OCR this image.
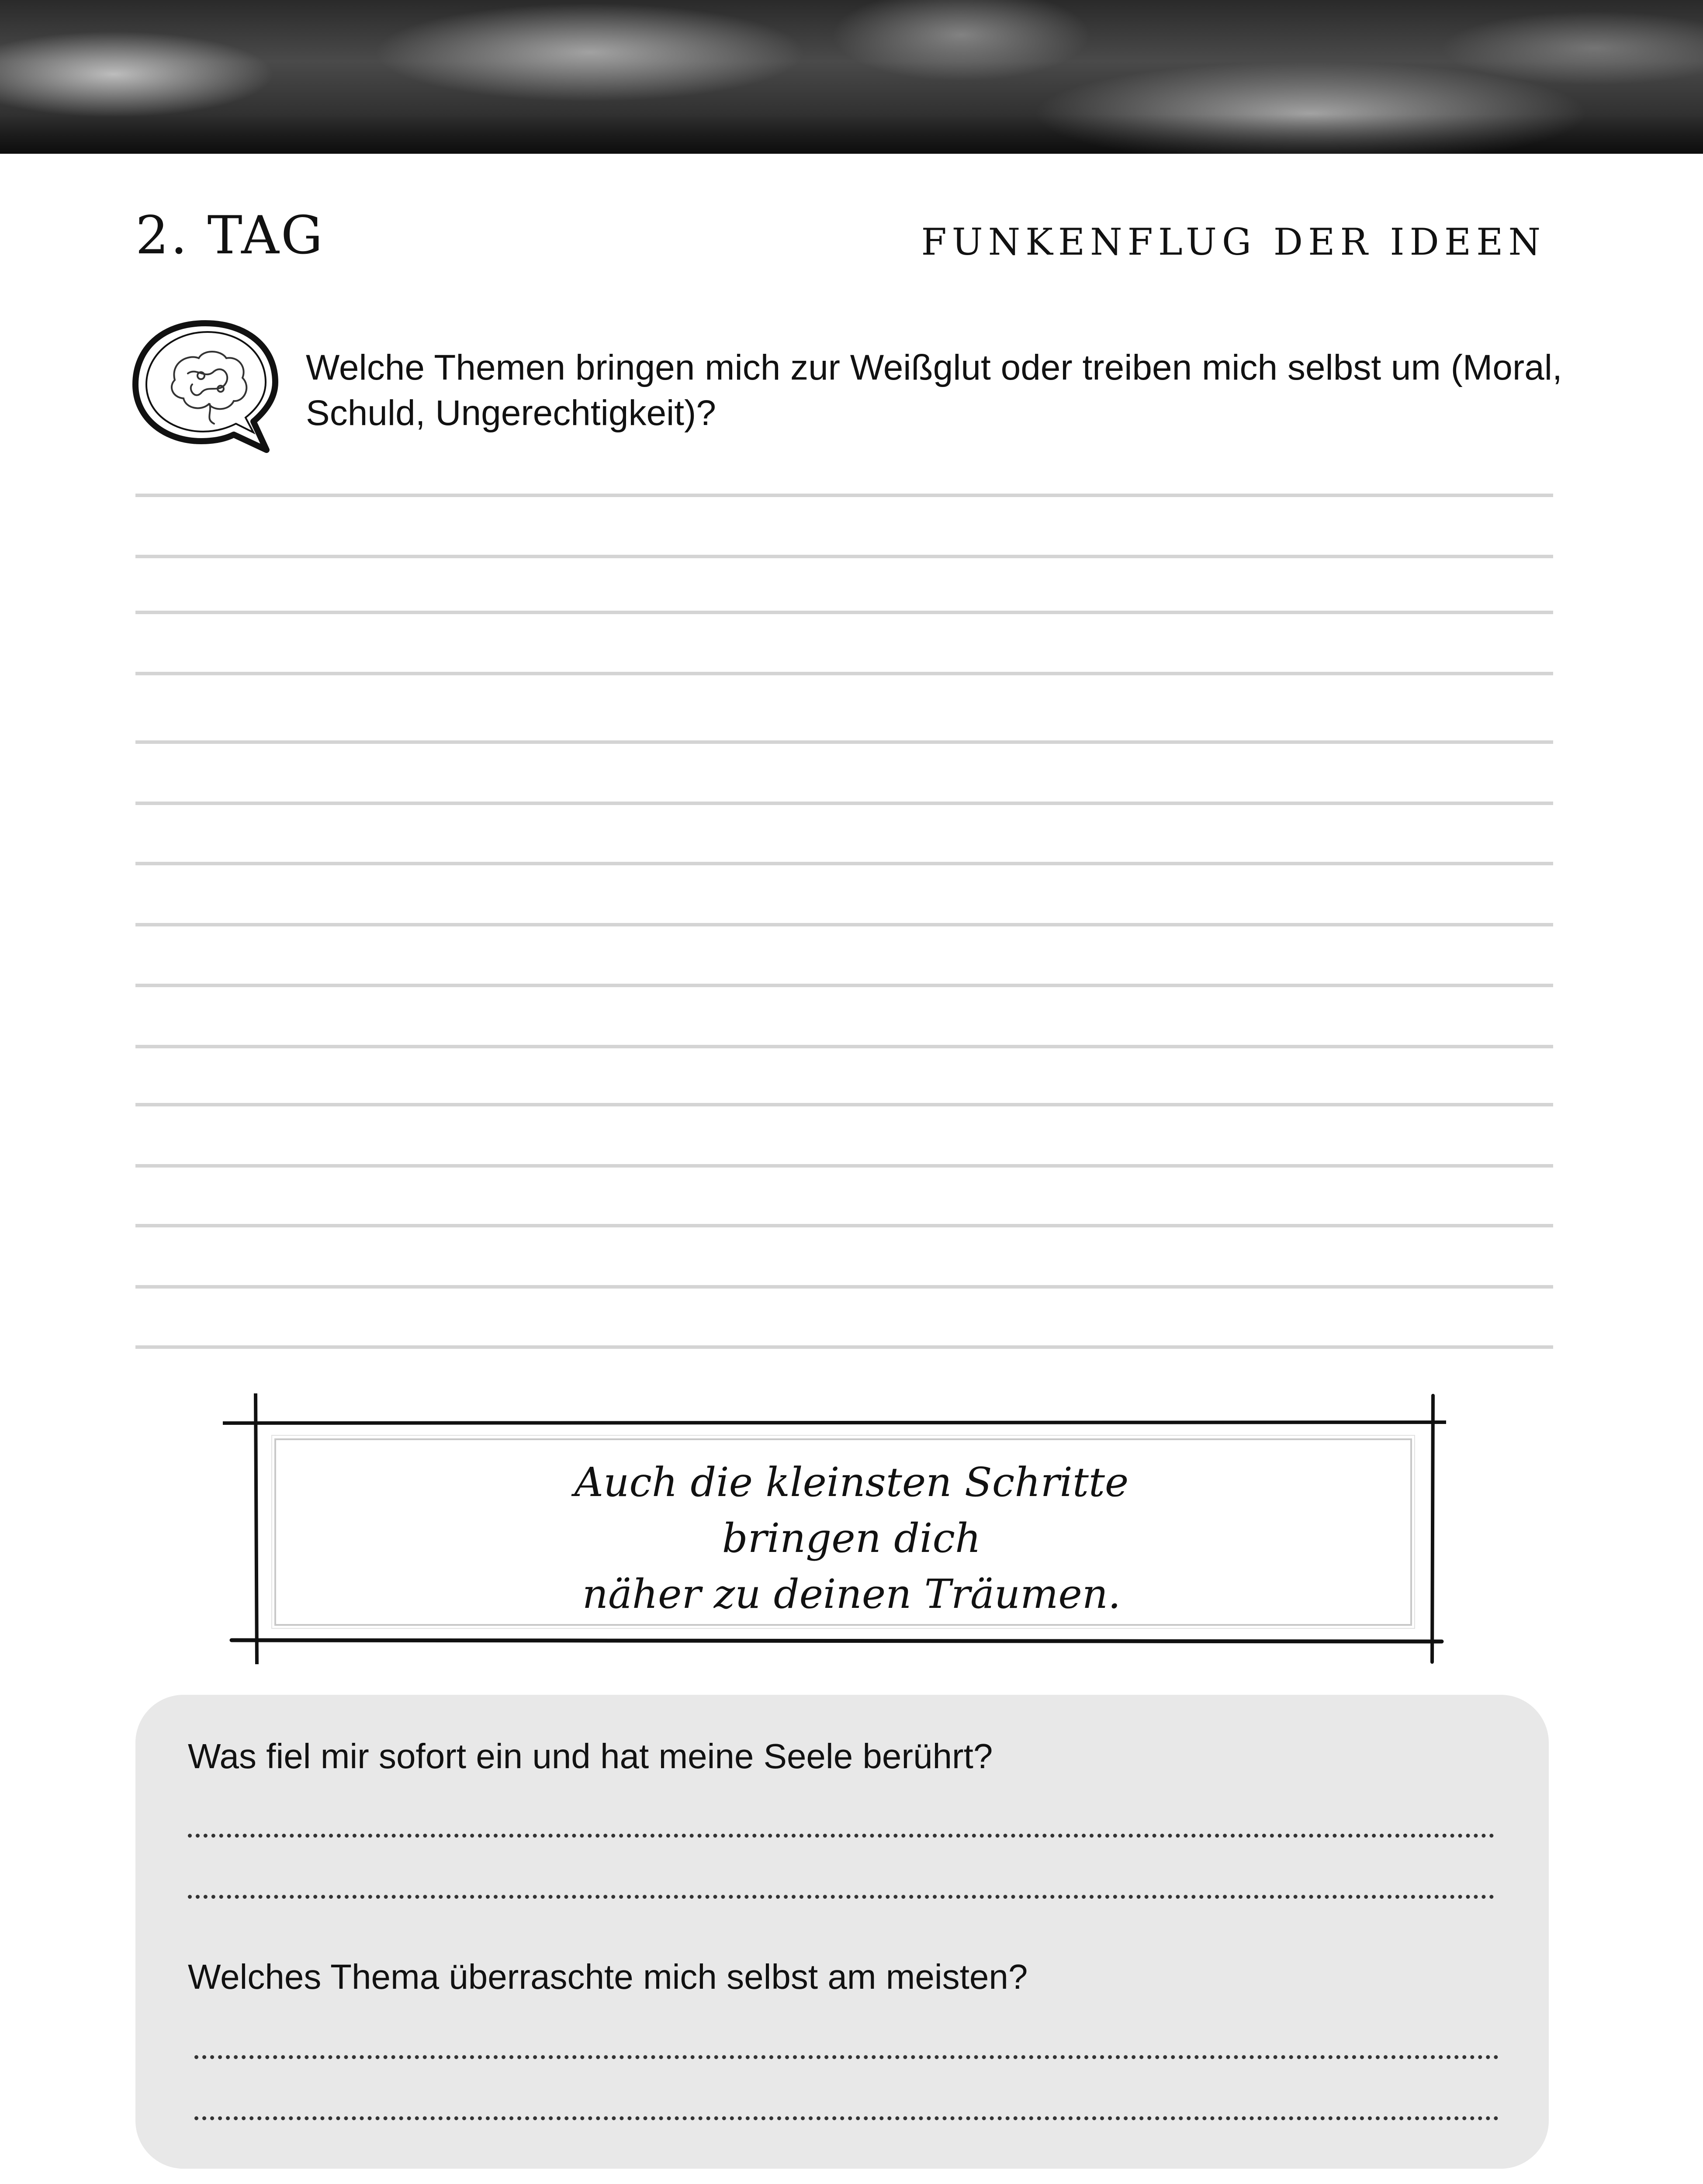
2. TAG	FUNKENFLUG DER IDEEN
Welche Themen bringen mich zur Weißglut oder treiben mich selbst um (Moral, Schuld, Ungerechtigkeit)?
Auch die kleinsten Schritte
bringen dich
näher zu deinen Träumen.
Was fiel mir sofort ein und hat meine Seele berührt?
Welches Thema überraschte mich selbst am meisten?
